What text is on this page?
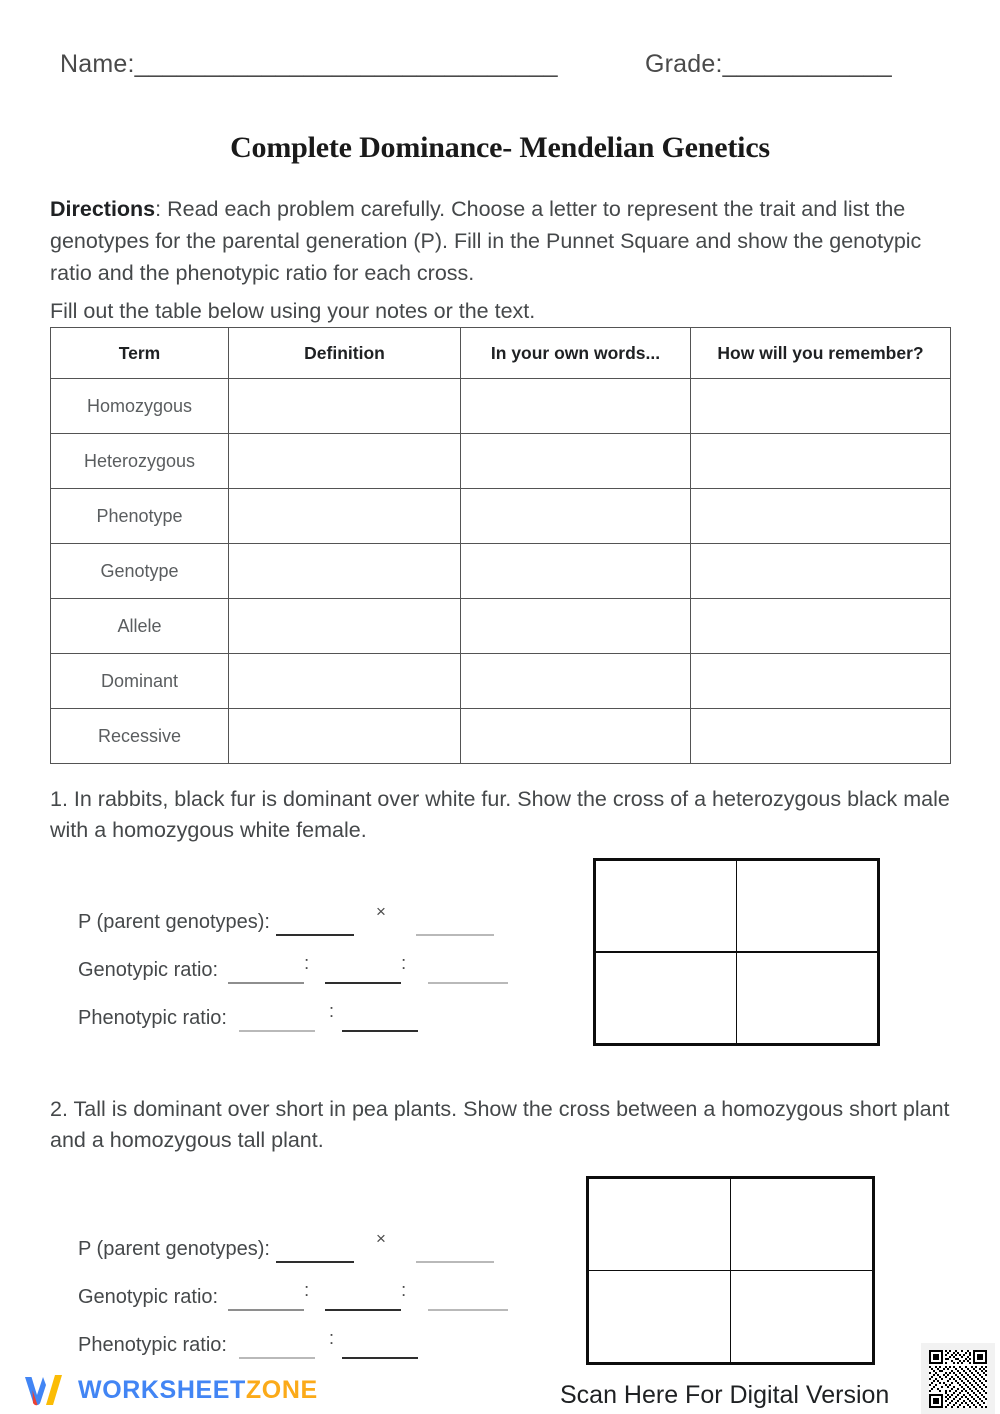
Name:______________________________	Grade:____________
Complete Dominance- Mendelian Genetics
Directions: Read each problem carefully. Choose a letter to represent the trait and list the genotypes for the parental generation (P). Fill in the Punnet Square and show the genotypic ratio and the phenotypic ratio for each cross.
Fill out the table below using your notes or the text.
Term	Definition	In your own words...	How will you remember?
Homozygous			
Heterozygous			
Phenotype			
Genotype			
Allele			
Dominant			
Recessive			
1. In rabbits, black fur is dominant over white fur. Show the cross of a heterozygous black male with a homozygous white female.
P (parent genotypes):	×
Genotypic ratio:	:	:
Phenotypic ratio:	:
2. Tall is dominant over short in pea plants. Show the cross between a homozygous short plant and a homozygous tall plant.
P (parent genotypes):	×
Genotypic ratio:	:	:
Phenotypic ratio:	:
WORKSHEETZONE	Scan Here For Digital Version
